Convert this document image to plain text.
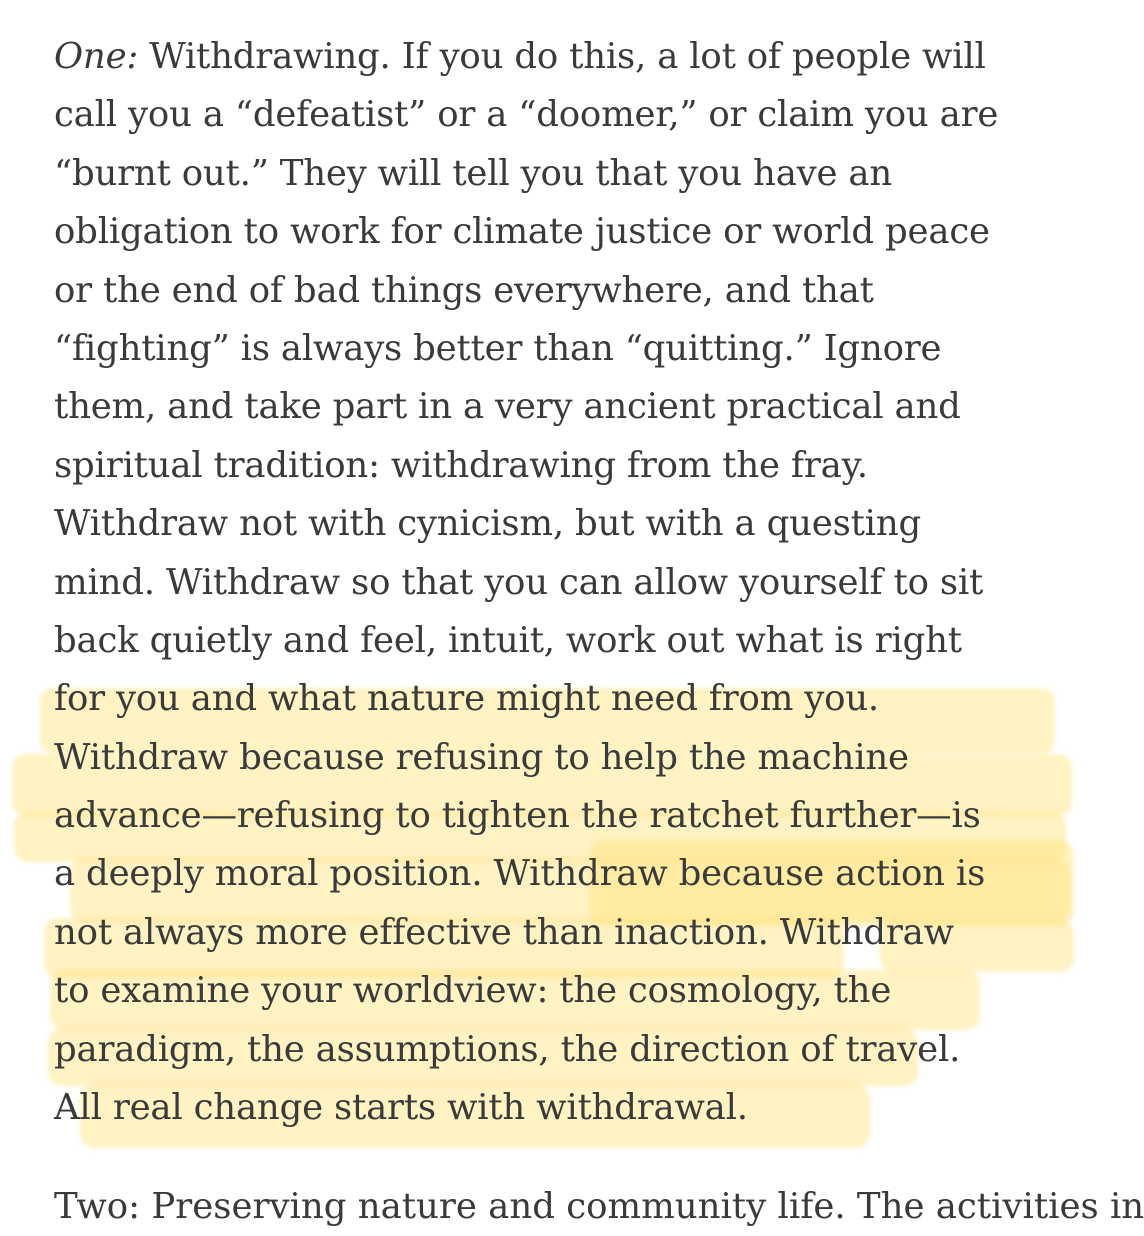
One: Withdrawing. If you do this, a lot of people will
call you a “defeatist” or a “doomer,” or claim you are
“burnt out.” They will tell you that you have an
obligation to work for climate justice or world peace
or the end of bad things everywhere, and that
“fighting” is always better than “quitting.” Ignore
them, and take part in a very ancient practical and
spiritual tradition: withdrawing from the fray.
Withdraw not with cynicism, but with a questing
mind. Withdraw so that you can allow yourself to sit
back quietly and feel, intuit, work out what is right
for you and what nature might need from you.
Withdraw because refusing to help the machine
advance—refusing to tighten the ratchet further—is
a deeply moral position. Withdraw because action is
not always more effective than inaction. Withdraw
to examine your worldview: the cosmology, the
paradigm, the assumptions, the direction of travel.
All real change starts with withdrawal.
Two: Preserving nature and community life. The activities in
